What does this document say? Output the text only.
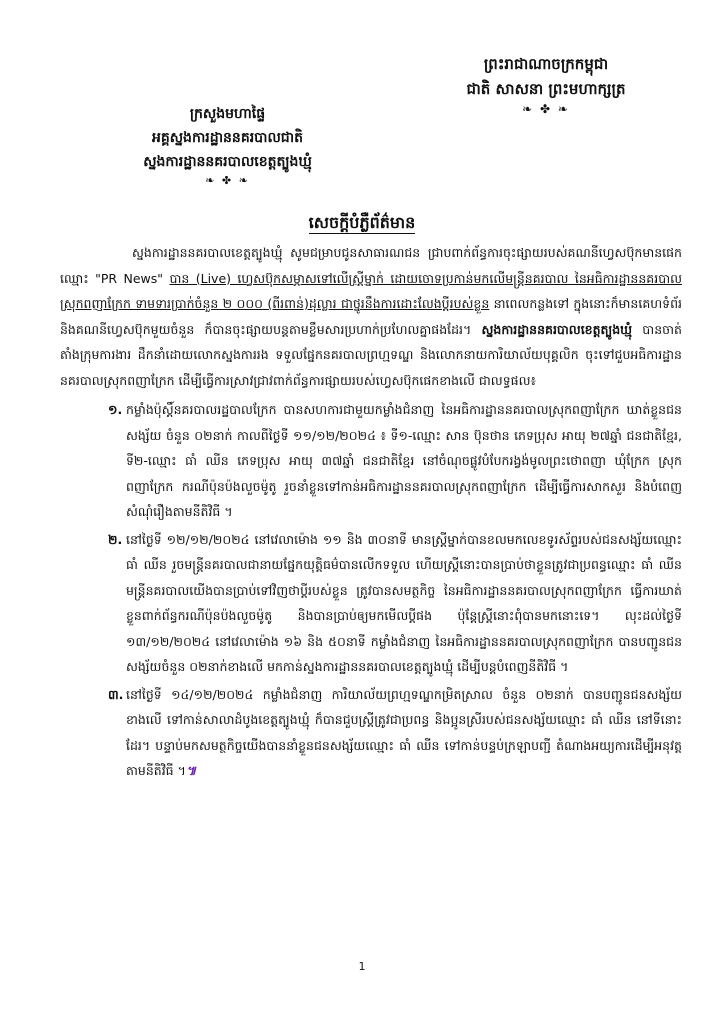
ព្រះរាជាណាចក្រកម្ពុជា
ជាតិ សាសនា ព្រះមហាក្សត្រ
❧ ✤ ❧
ក្រសួងមហាផ្ទៃ
អគ្គស្នងការដ្ឋាននគរបាលជាតិ
ស្នងការដ្ឋាននគរបាលខេត្តត្បូងឃ្មុំ
❧ ✤ ❧
សេចក្តីបំភ្លឺព័ត៌មាន

ស្នងការដ្ឋាននគរបាលខេត្តត្បូងឃ្មុំ សូមជម្រាបជូនសាធារណជន ជ្រាបពាក់ព័ន្ធការចុះផ្សាយរបស់គណនីហ្វេសប៊ុកមានផេកឈ្មោះ "PR News" បាន (Live) ហ្វេសប៊ុកសម្ភាសទៅលើស្ត្រីម្នាក់ ដោយចោទប្រកាន់មកលើមន្ត្រីនគរបាល នៃអធិការដ្ឋាននគរបាលស្រុកពញាក្រែក ទាមទារប្រាក់ចំនួន ២ ០០០ (ពីរពាន់)ដុល្លារ ជាថ្នូរនឹងការដោះលែងប្តីរបស់ខ្លួន នាពេលកន្លងទៅ ក្នុងនោះក៏មានគេហទំព័រ និងគណនីហ្វេសប៊ុកមួយចំនួន ក៏បានចុះផ្សាយបន្តតាមខ្លឹមសារប្រហាក់ប្រហែលគ្នាផងដែរ។ ស្នងការដ្ឋាននគរបាលខេត្តត្បូងឃ្មុំ បានចាត់តាំងក្រុមការងារ ដឹកនាំដោយលោកស្នងការរង ទទួលផ្នែកនគរបាលព្រហ្មទណ្ឌ និងលោកនាយការិយាល័យបុគ្គលិក ចុះទៅជួបអធិការដ្ឋាននគរបាលស្រុកពញាក្រែក ដើម្បីធ្វើការស្រាវជ្រាវពាក់ព័ន្ធការផ្សាយរបស់ហ្វេសប៊ុកផេកខាងលើ ជាលទ្ធផល៖

១. កម្លាំងប៉ុស្តិ៍នគរបាលរដ្ឋបាលក្រែក បានសហការជាមួយកម្លាំងជំនាញ នៃអធិការដ្ឋាននគរបាលស្រុកពញាក្រែក ឃាត់ខ្លួនជនសង្ស័យ ចំនួន ០២នាក់ កាលពីថ្ងៃទី ១១/១២/២០២៤ ៖ ទី១-ឈ្មោះ សាន ប៊ុនថាន ភេទប្រុស អាយុ ២៧ឆ្នាំ ជនជាតិខ្មែរ, ទី២-ឈ្មោះ ធាំ ឈីន ភេទប្រុស អាយុ ៣៧ឆ្នាំ ជនជាតិខ្មែរ នៅចំណុចផ្លូវបំបែករង្វង់មូលព្រះថោពញា ឃុំក្រែក ស្រុកពញាក្រែក ករណីប៉ុនប៉ងលួចម៉ូតូ រួចនាំខ្លួនទៅកាន់អធិការដ្ឋាននគរបាលស្រុកពញាក្រែក ដើម្បីធ្វើការសាកសួរ និងបំពេញសំណុំរឿងតាមនីតិវិធី ។
២. នៅថ្ងៃទី ១២/១២/២០២៤ នៅវេលាម៉ោង ១១ និង ៣០នាទី មានស្ត្រីម្នាក់បានខលមកលេខទូរស័ព្ទរបស់ជនសង្ស័យឈ្មោះ ធាំ ឈីន រួចមន្ត្រីនគរបាលជានាយផ្នែកយុត្តិធម៌បានលើកទទួល ហើយស្ត្រីនោះបានប្រាប់ថាខ្លួនត្រូវជាប្រពន្ធឈ្មោះ ធាំ ឈីន មន្ត្រីនគរបាលយើងបានប្រាប់ទៅវិញថាប្តីរបស់ខ្លួន ត្រូវបានសមត្ថកិច្ច នៃអធិការដ្ឋាននគរបាលស្រុកពញាក្រែក ធ្វើការឃាត់ខ្លួនពាក់ព័ន្ធករណីប៉ុនប៉ងលួចម៉ូតូ និងបានប្រាប់ឲ្យមកមើលប្តីផង ប៉ុន្តែស្ត្រីនោះពុំបានមកនោះទេ។ លុះដល់ថ្ងៃទី ១៣/១២/២០២៤ នៅវេលាម៉ោង ១៦ និង ៥០នាទី កម្លាំងជំនាញ នៃអធិការដ្ឋាននគរបាលស្រុកពញាក្រែក បានបញ្ជូនជនសង្ស័យចំនួន ០២នាក់ខាងលើ មកកាន់ស្នងការដ្ឋាននគរបាលខេត្តត្បូងឃ្មុំ ដើម្បីបន្តបំពេញនីតិវិធី ។
៣. នៅថ្ងៃទី ១៤/១២/២០២៤ កម្លាំងជំនាញ ការិយាល័យព្រហ្មទណ្ឌកម្រិតស្រាល ចំនួន ០២នាក់ បានបញ្ជូនជនសង្ស័យខាងលើ ទៅកាន់សាលាដំបូងខេត្តត្បូងឃ្មុំ ក៏បានជួបស្ត្រីត្រូវជាប្រពន្ធ និងប្អូនស្រីរបស់ជនសង្ស័យឈ្មោះ ធាំ ឈីន នៅទីនោះដែរ។ បន្ទាប់មកសមត្ថកិច្ចយើងបាននាំខ្លួនជនសង្ស័យឈ្មោះ ធាំ ឈីន ទៅកាន់បន្ទប់ក្រឡាបញ្ជី តំណាងអយ្យការដើម្បីអនុវត្តតាមនីតិវិធី ។៕
1
